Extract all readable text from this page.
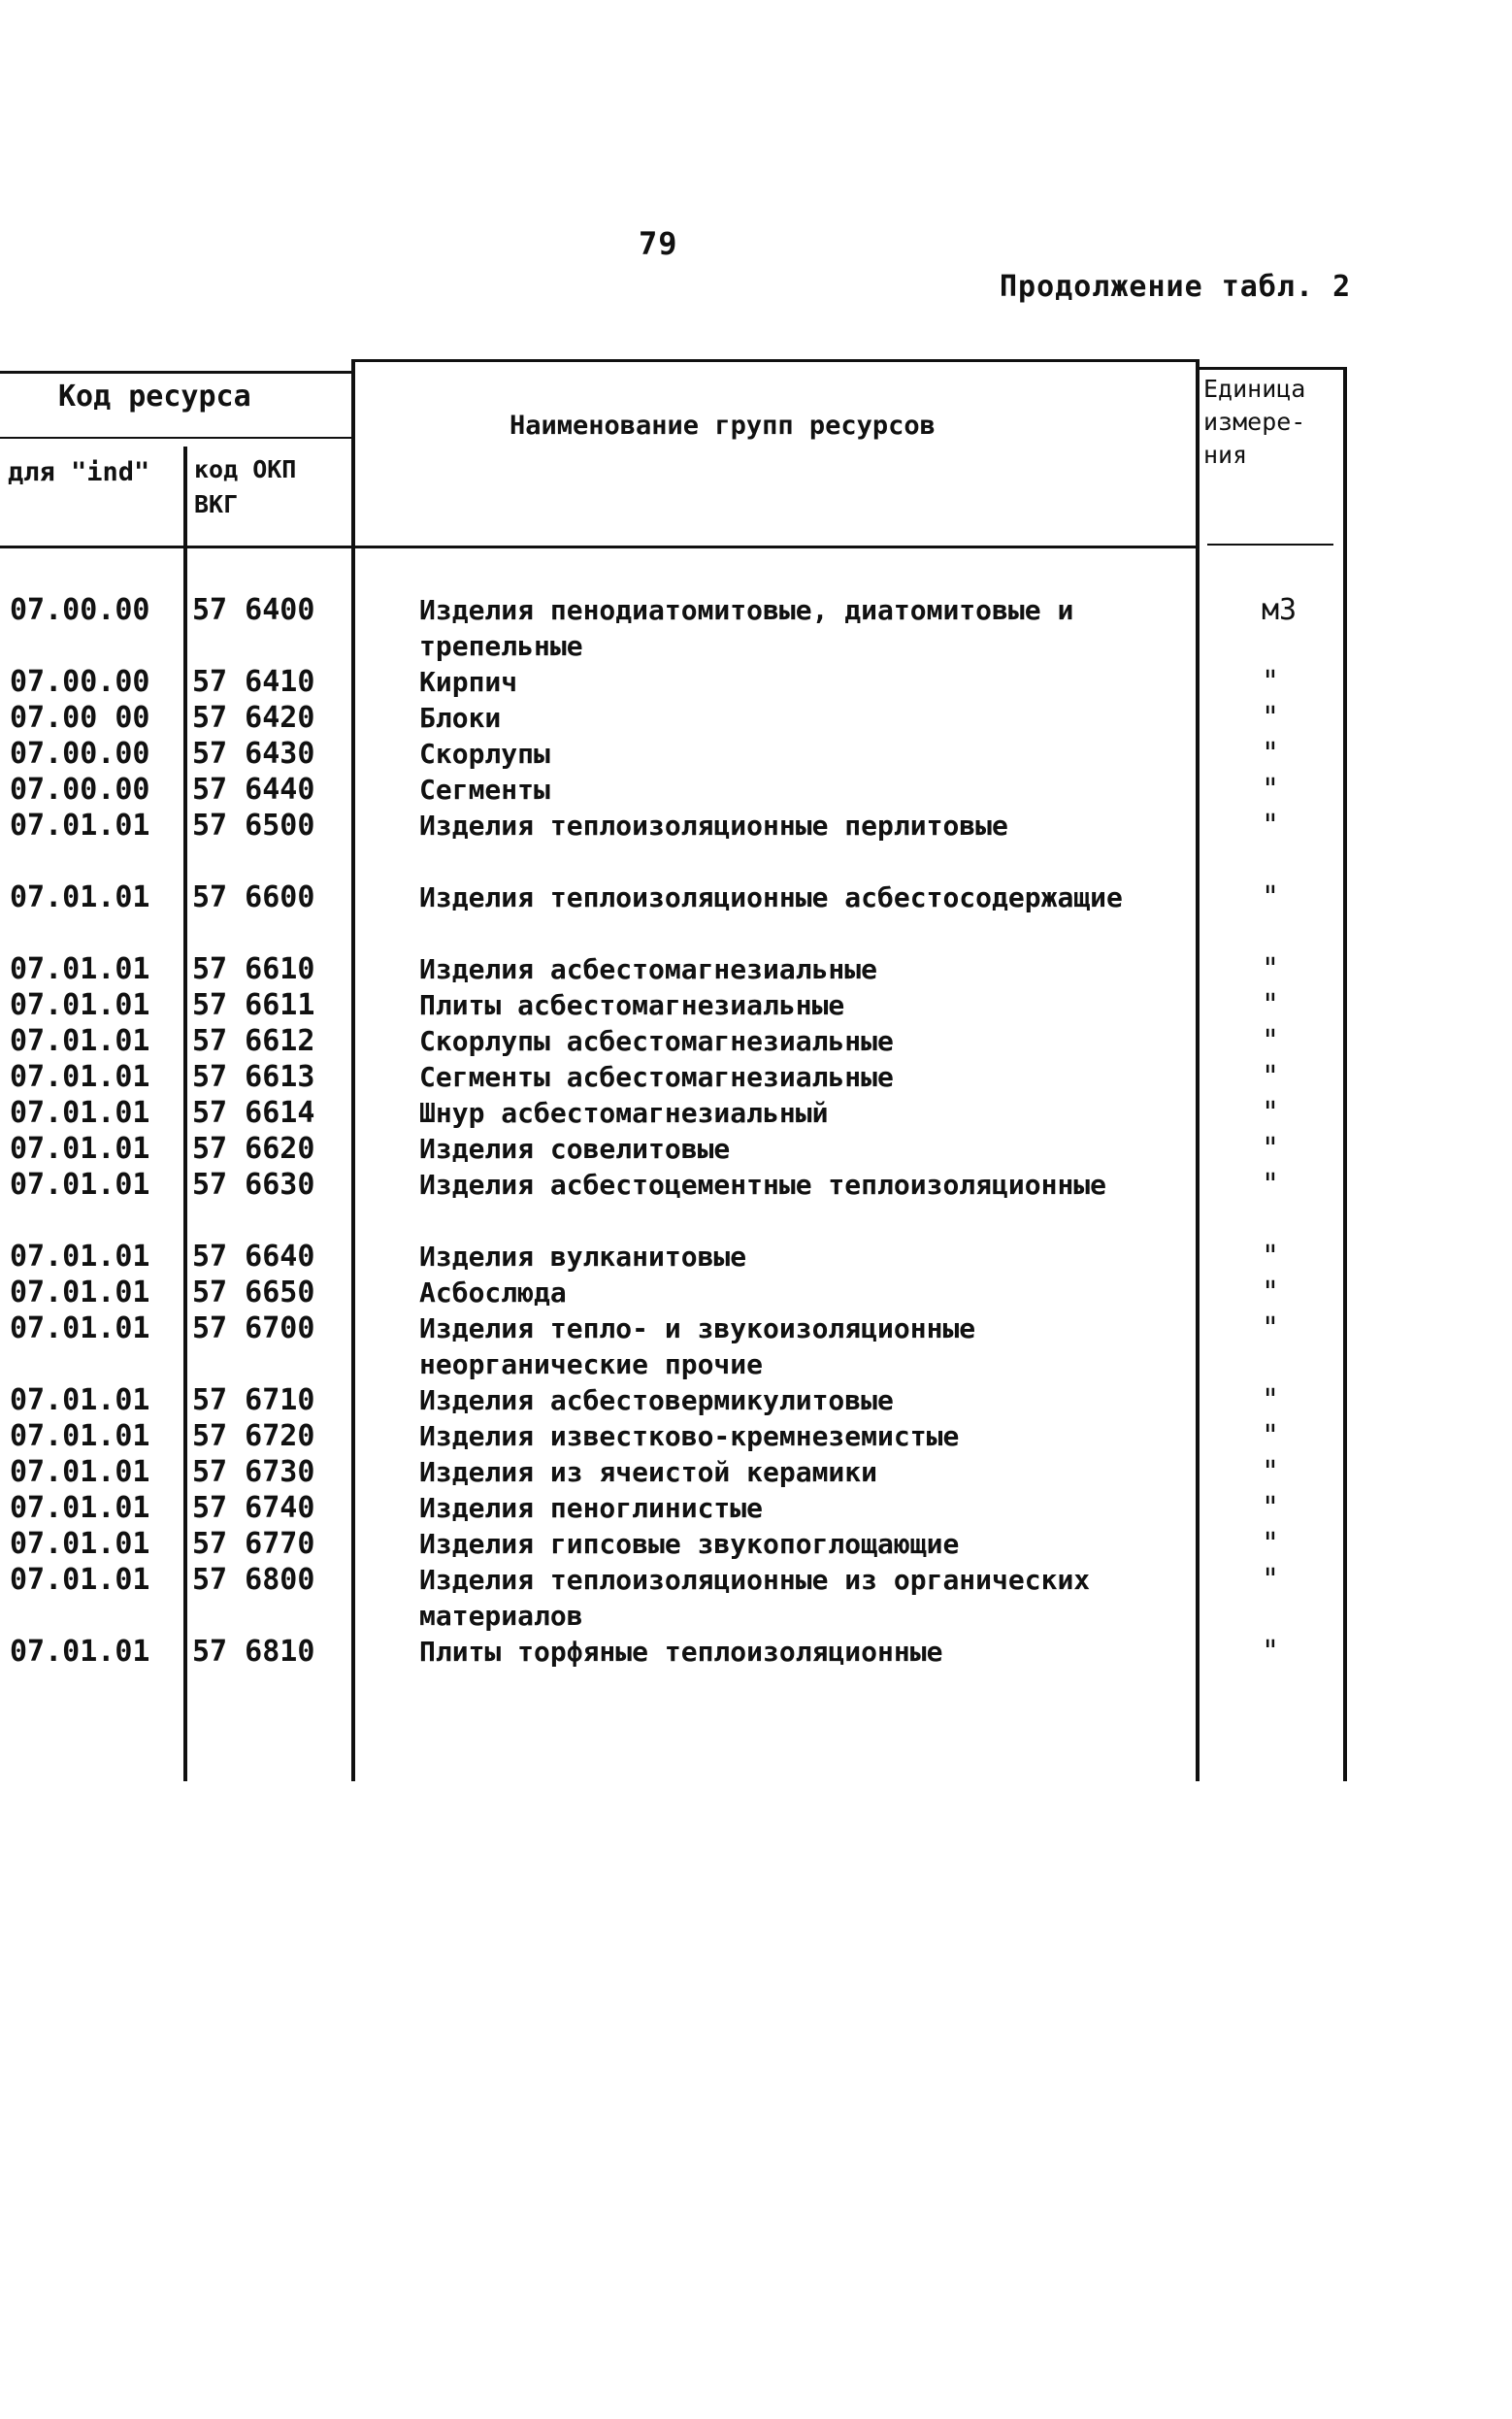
79
Продолжение табл. 2
Код ресурса
для "ind" код ОКП ВКГ
Наименование групп ресурсов
Единица измере- ния
07.00.00 57 6400	Изделия пенодиатомитовые, диатомитовые и трепельные
м3
07.00.00 57 6410	Кирпич	"
07.00 00 57 6420	Блоки	"
07.00.00 57 6430	Скорлупы	"
07.00.00 57 6440	Сегменты	"
07.01.01 57 6500	Изделия теплоизоляционные перлитовые	"
07.01.01 57 6600	Изделия теплоизоляционные асбестосодержащие	"
07.01.01 57 6610	Изделия асбестомагнезиальные	"
07.01.01 57 6611	Плиты асбестомагнезиальные	"
07.01.01 57 6612	Скорлупы асбестомагнезиальные	"
07.01.01 57 6613	Сегменты асбестомагнезиальные	"
07.01.01 57 6614	Шнур асбестомагнезиальный	"
07.01.01 57 6620	Изделия совелитовые	"
07.01.01 57 6630	Изделия асбестоцементные теплоизоляционные	"
07.01.01 57 6640	Изделия вулканитовые	"
07.01.01 57 6650	Асбослюда	"
07.01.01 57 6700	Изделия тепло- и звукоизоляционные неорганические прочие
"
07.01.01 57 6710	Изделия асбестовермикулитовые	"
07.01.01 57 6720	Изделия известково-кремнеземистые	"
07.01.01 57 6730	Изделия из ячеистой керамики	"
07.01.01 57 6740	Изделия пеноглинистые	"
07.01.01 57 6770	Изделия гипсовые звукопоглощающие	"
07.01.01 57 6800	Изделия теплоизоляционные из органических материалов
"
07.01.01 57 6810	Плиты торфяные теплоизоляционные	"
